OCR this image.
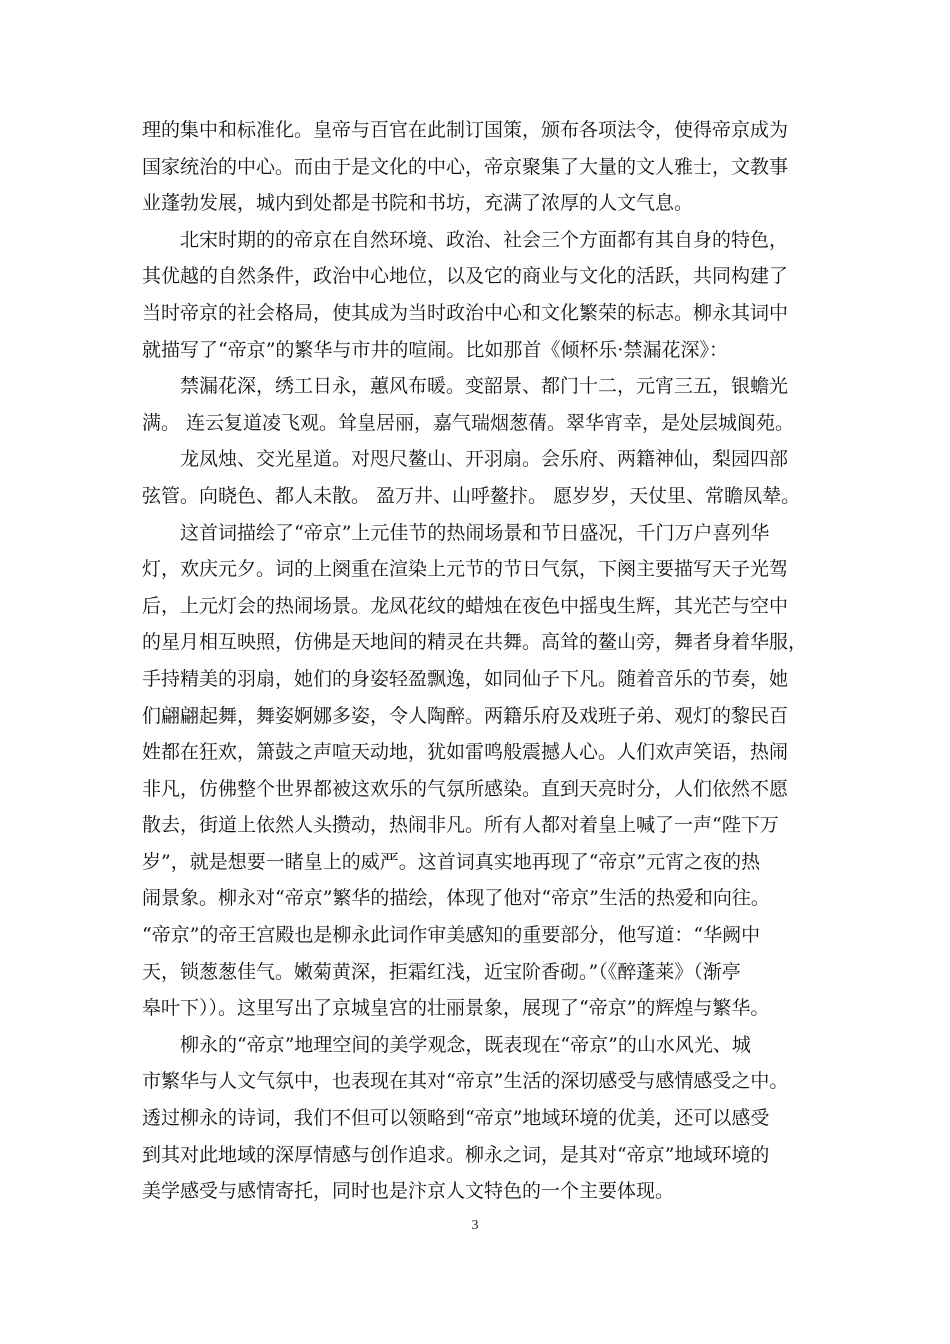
理的集中和标准化。皇帝与百官在此制订国策，颁布各项法令，使得帝京成为
国家统治的中心。而由于是文化的中心，帝京聚集了大量的文人雅士，文教事
业蓬勃发展，城内到处都是书院和书坊，充满了浓厚的人文气息。
　　北宋时期的的帝京在自然环境、政治、社会三个方面都有其自身的特色，
其优越的自然条件，政治中心地位，以及它的商业与文化的活跃，共同构建了
当时帝京的社会格局，使其成为当时政治中心和文化繁荣的标志。柳永其词中
就描写了“帝京”的繁华与市井的喧闹。比如那首《倾杯乐·禁漏花深》：
　　禁漏花深，绣工日永，蕙风布暖。变韶景、都门十二，元宵三五，银蟾光
满。 连云复道凌飞观。耸皇居丽，嘉气瑞烟葱蒨。翠华宵幸，是处层城阆苑。
　　龙凤烛、交光星道。对咫尺鳌山、开羽扇。会乐府、两籍神仙，梨园四部
弦管。向晓色、都人未散。 盈万井、山呼鳌抃。 愿岁岁，天仗里、常瞻凤辇。
　　这首词描绘了“帝京”上元佳节的热闹场景和节日盛况，千门万户喜列华
灯，欢庆元夕。词的上阕重在渲染上元节的节日气氛，下阕主要描写天子光驾
后，上元灯会的热闹场景。龙凤花纹的蜡烛在夜色中摇曳生辉，其光芒与空中
的星月相互映照，仿佛是天地间的精灵在共舞。高耸的鳌山旁，舞者身着华服，
手持精美的羽扇，她们的身姿轻盈飘逸，如同仙子下凡。随着音乐的节奏，她
们翩翩起舞，舞姿婀娜多姿，令人陶醉。两籍乐府及戏班子弟、观灯的黎民百
姓都在狂欢，箫鼓之声喧天动地，犹如雷鸣般震撼人心。人们欢声笑语，热闹
非凡，仿佛整个世界都被这欢乐的气氛所感染。直到天亮时分，人们依然不愿
散去，街道上依然人头攒动，热闹非凡。所有人都对着皇上喊了一声“陛下万
岁”，就是想要一睹皇上的威严。这首词真实地再现了“帝京”元宵之夜的热
闹景象。柳永对“帝京”繁华的描绘，体现了他对“帝京”生活的热爱和向往。
“帝京”的帝王宫殿也是柳永此词作审美感知的重要部分，他写道：“华阙中
天，锁葱葱佳气。嫩菊黄深，拒霜红浅，近宝阶香砌。”（《醉蓬莱》（渐亭
皋叶下））。这里写出了京城皇宫的壮丽景象，展现了“帝京”的辉煌与繁华。
　　柳永的“帝京”地理空间的美学观念，既表现在“帝京”的山水风光、城
市繁华与人文气氛中，也表现在其对“帝京”生活的深切感受与感情感受之中。
透过柳永的诗词，我们不但可以领略到“帝京”地域环境的优美，还可以感受
到其对此地域的深厚情感与创作追求。柳永之词，是其对“帝京”地域环境的
美学感受与感情寄托，同时也是汴京人文特色的一个主要体现。
3
